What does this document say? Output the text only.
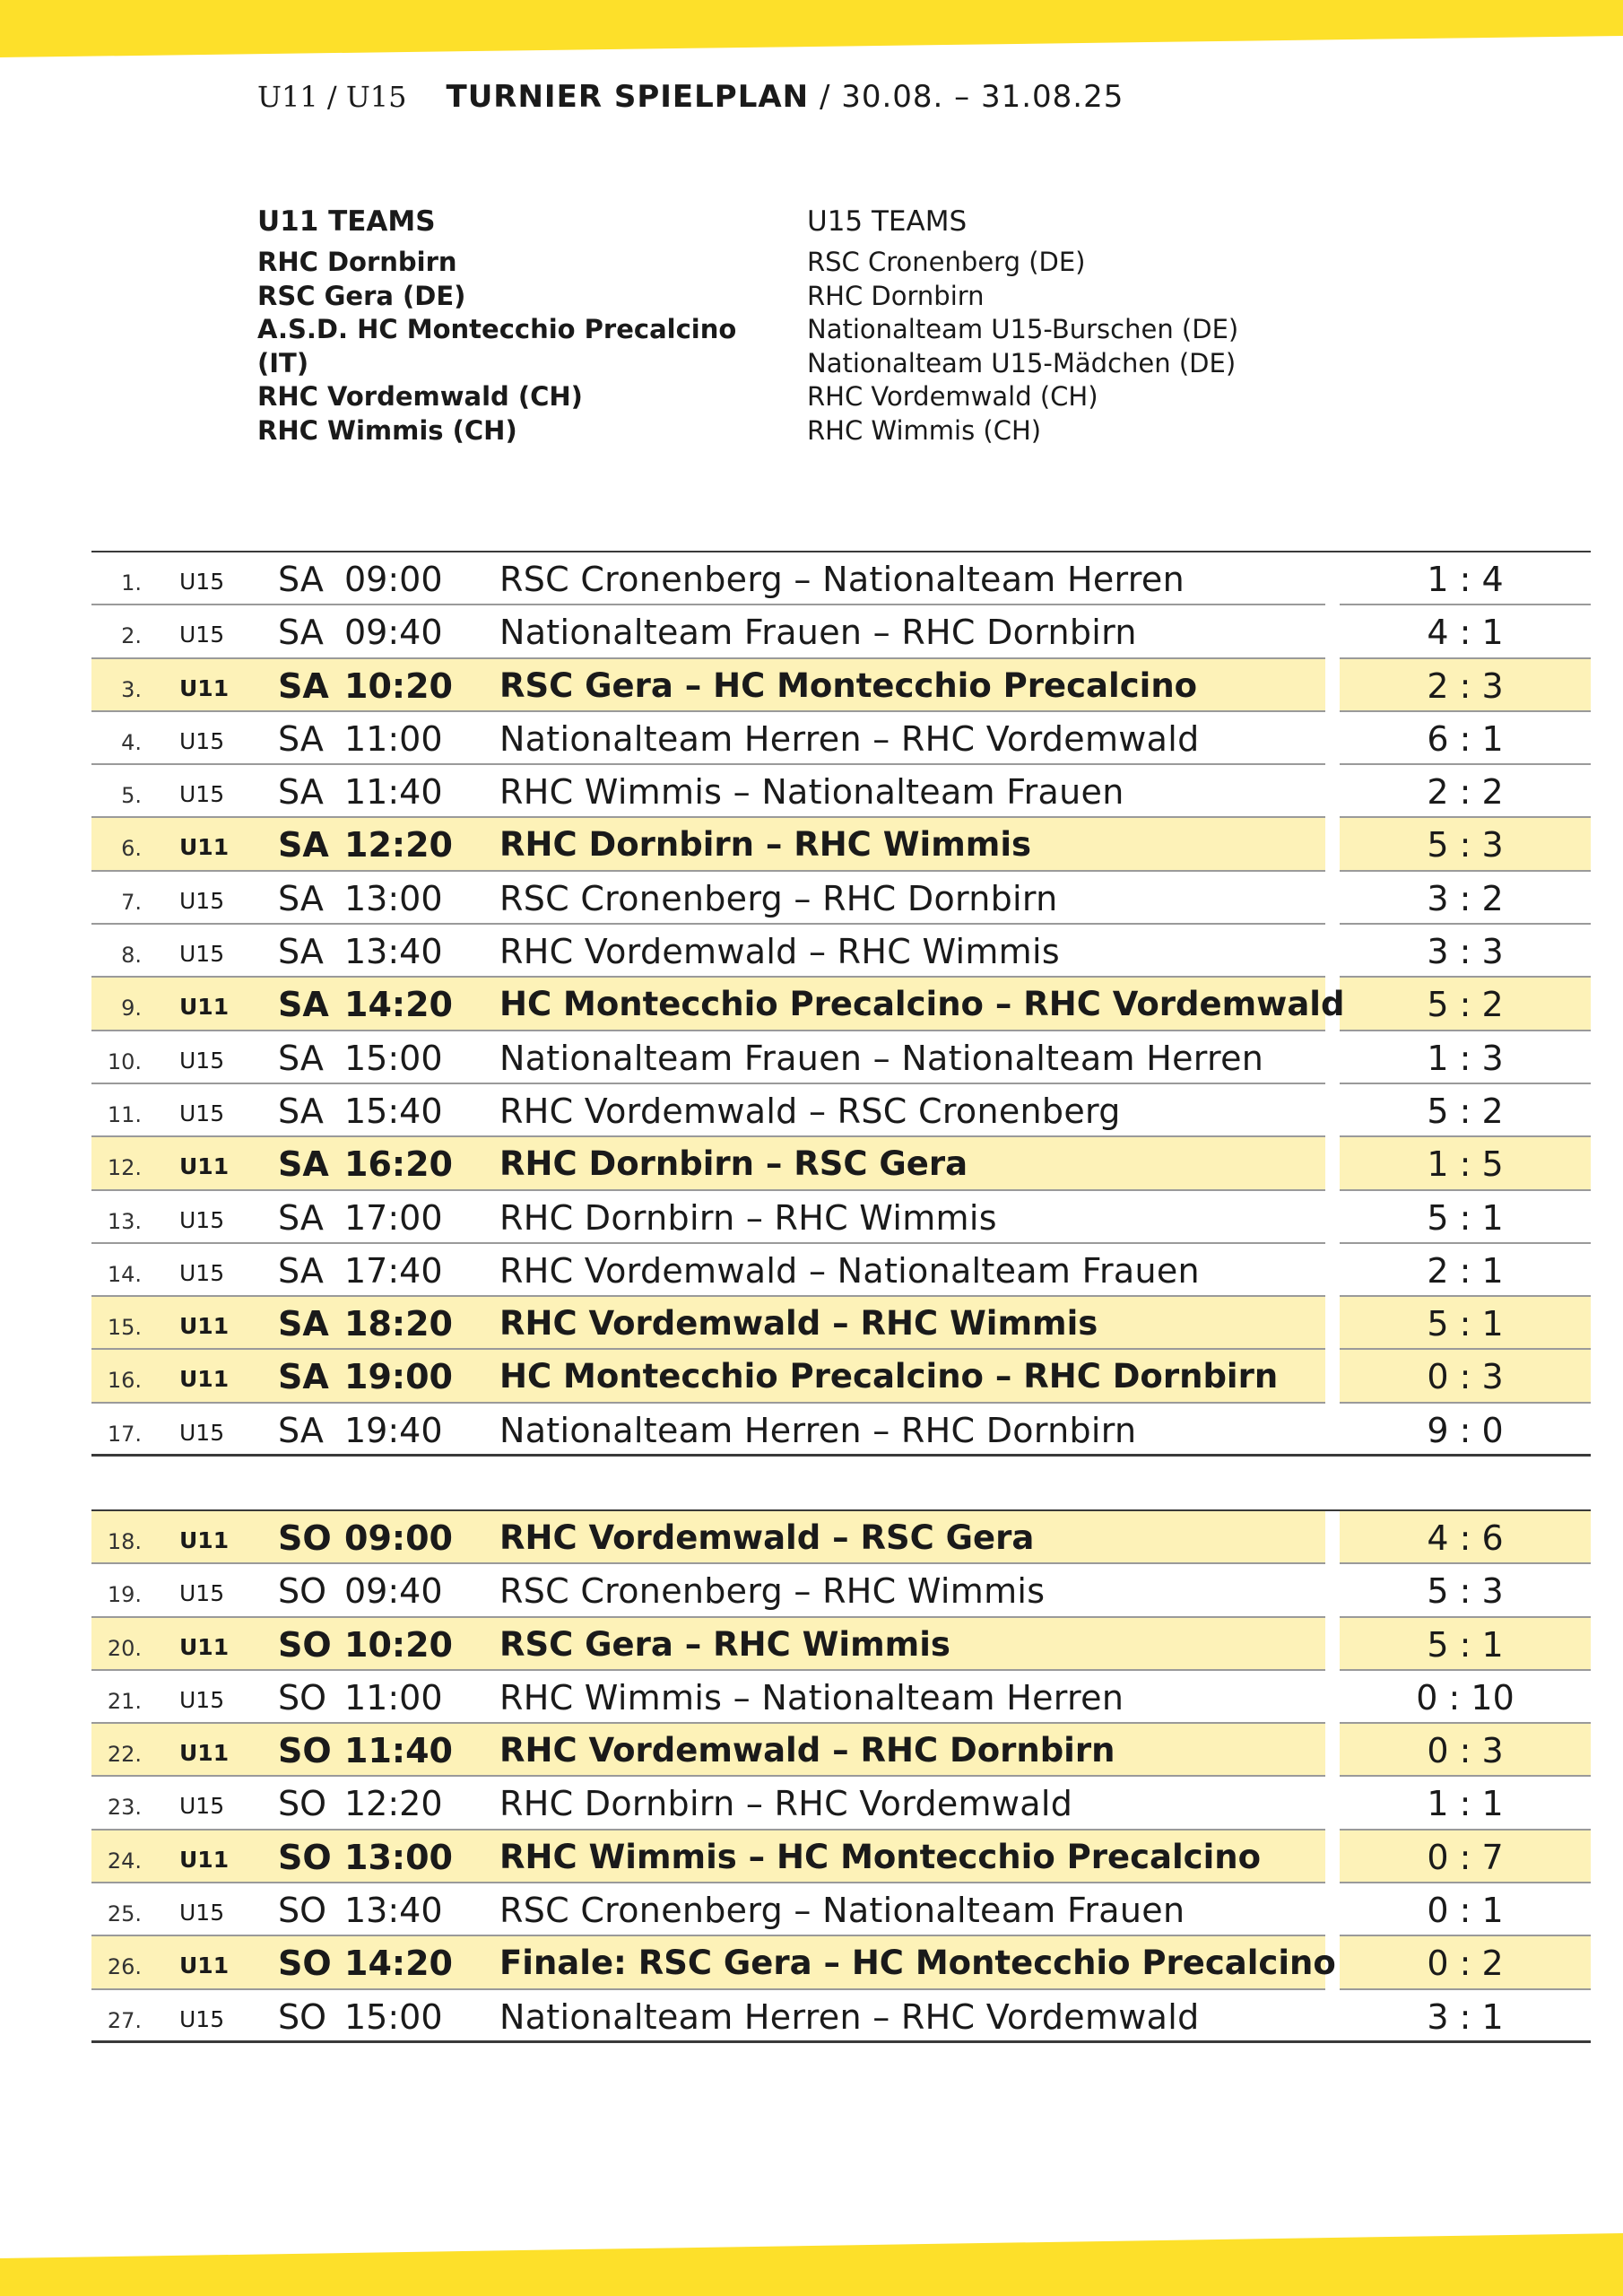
U11 / U15 TURNIER SPIELPLAN / 30.08. – 31.08.25
U11 TEAMS
RHC Dornbirn
RSC Gera (DE)
A.S.D. HC Montecchio Precalcino (IT)
RHC Vordemwald (CH)
RHC Wimmis (CH)
U15 TEAMS
RSC Cronenberg (DE)
RHC Dornbirn
Nationalteam U15-Burschen (DE)
Nationalteam U15-Mädchen (DE)
RHC Vordemwald (CH)
RHC Wimmis (CH)
1. U15 SA 09:00 RSC Cronenberg – Nationalteam Herren	1 : 4
2. U15 SA 09:40 Nationalteam Frauen – RHC Dornbirn	4 : 1
3. U11 SA 10:20 RSC Gera – HC Montecchio Precalcino	2 : 3
4. U15 SA 11:00 Nationalteam Herren – RHC Vordemwald	6 : 1
5. U15 SA 11:40 RHC Wimmis – Nationalteam Frauen	2 : 2
6. U11 SA 12:20 RHC Dornbirn – RHC Wimmis	5 : 3
7. U15 SA 13:00 RSC Cronenberg – RHC Dornbirn	3 : 2
8. U15 SA 13:40 RHC Vordemwald – RHC Wimmis	3 : 3
9. U11 SA 14:20 HC Montecchio Precalcino – RHC Vordemwald	5 : 2
10. U15 SA 15:00 Nationalteam Frauen – Nationalteam Herren	1 : 3
11. U15 SA 15:40 RHC Vordemwald – RSC Cronenberg	5 : 2
12. U11 SA 16:20 RHC Dornbirn – RSC Gera	1 : 5
13. U15 SA 17:00 RHC Dornbirn – RHC Wimmis	5 : 1
14. U15 SA 17:40 RHC Vordemwald – Nationalteam Frauen	2 : 1
15. U11 SA 18:20 RHC Vordemwald – RHC Wimmis	5 : 1
16. U11 SA 19:00 HC Montecchio Precalcino – RHC Dornbirn	0 : 3
17. U15 SA 19:40 Nationalteam Herren – RHC Dornbirn	9 : 0
18. U11 SO 09:00 RHC Vordemwald – RSC Gera	4 : 6
19. U15 SO 09:40 RSC Cronenberg – RHC Wimmis	5 : 3
20. U11 SO 10:20 RSC Gera – RHC Wimmis	5 : 1
21. U15 SO 11:00 RHC Wimmis – Nationalteam Herren	0 : 10
22. U11 SO 11:40 RHC Vordemwald – RHC Dornbirn	0 : 3
23. U15 SO 12:20 RHC Dornbirn – RHC Vordemwald	1 : 1
24. U11 SO 13:00 RHC Wimmis – HC Montecchio Precalcino	0 : 7
25. U15 SO 13:40 RSC Cronenberg – Nationalteam Frauen	0 : 1
26. U11 SO 14:20 Finale: RSC Gera – HC Montecchio Precalcino	0 : 2
27. U15 SO 15:00 Nationalteam Herren – RHC Vordemwald	3 : 1
